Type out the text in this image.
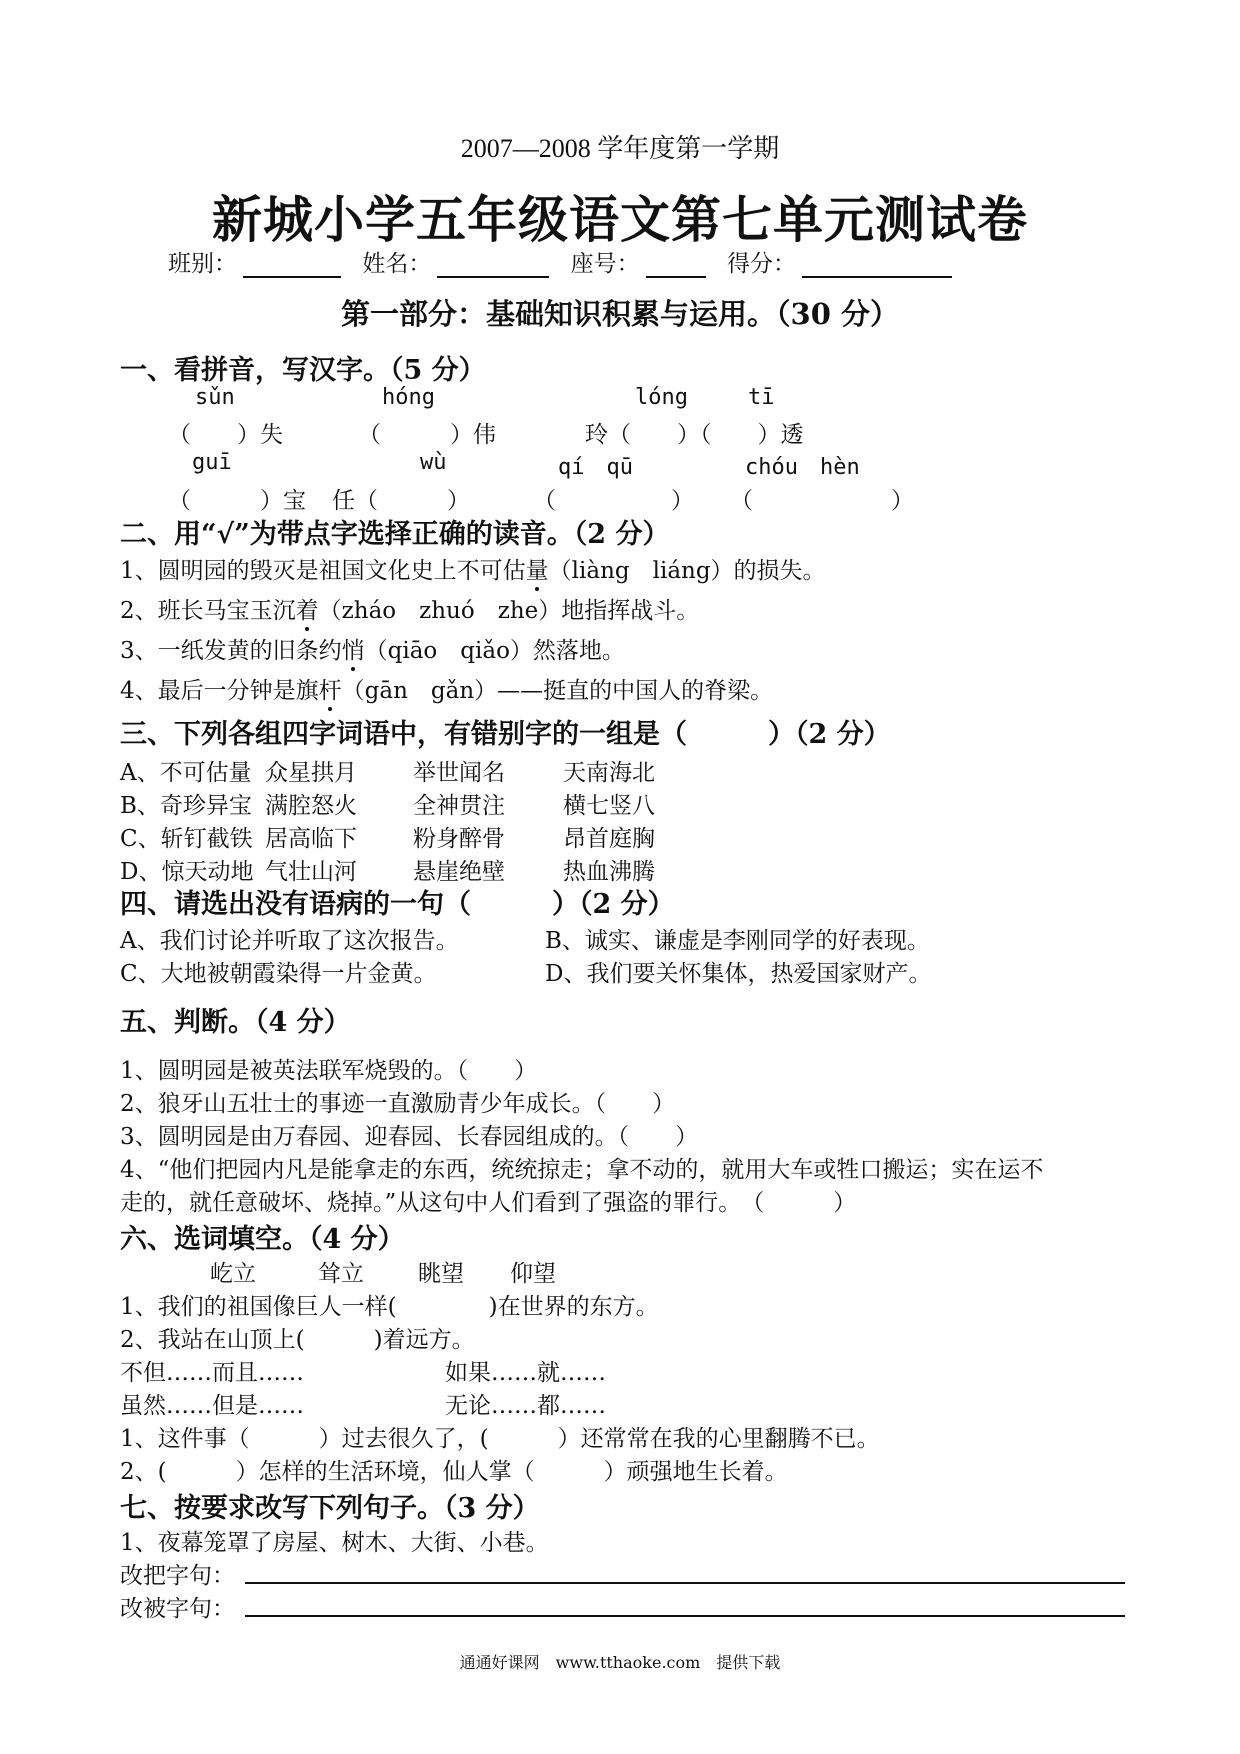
2007—2008 学年度第一学期
新城小学五年级语文第七单元测试卷
班别：	姓名：	座号：	得分：
第一部分：基础知识积累与运用。（30 分）
一、看拼音，写汉字。（5 分）
sǔn	hóng	lóng	tī
（　　）失	（　　　）伟	玲（　　）（　　）透
guī	wù	qí　qū	chóu　hèn
（　　　）宝 任（　　　）	（　　　　　） （　　　　　　）
二、用“√”为带点字选择正确的读音。（2 分）
1、圆明园的毁灭是祖国文化史上不可估量（liàng　liáng）的损失。
2、班长马宝玉沉着（zháo　zhuó　zhe）地指挥战斗。
3、一纸发黄的旧条约悄（qiāo　qiǎo）然落地。
4、最后一分钟是旗杆（gān　gǎn）——挺直的中国人的脊梁。
三、下列各组四字词语中，有错别字的一组是（　　　）（2 分）
A、不可估量 众星拱月 举世闻名	天南海北
B、奇珍异宝 满腔怒火 全神贯注	横七竖八
C、斩钉截铁 居高临下 粉身醉骨	昂首庭胸
D、惊天动地 气壮山河 悬崖绝壁	热血沸腾
四、请选出没有语病的一句（　　　）（2 分）
A、我们讨论并听取了这次报告。	B、诚实、谦虚是李刚同学的好表现。
C、大地被朝霞染得一片金黄。	D、我们要关怀集体，热爱国家财产。
五、判断。（4 分）
1、圆明园是被英法联军烧毁的。（　　）
2、狼牙山五壮士的事迹一直激励青少年成长。（　　）
3、圆明园是由万春园、迎春园、长春园组成的。（　　）
4、“他们把园内凡是能拿走的东西，统统掠走；拿不动的，就用大车或牲口搬运；实在运不
走的，就任意破坏、烧掉。”从这句中人们看到了强盗的罪行。　（　　　）
六、选词填空。（4 分）
屹立	耸立 眺望 仰望
1、我们的祖国像巨人一样(　　　　)在世界的东方。
2、我站在山顶上(　　　)着远方。
不但……而且……	如果……就……
虽然……但是……	无论……都……
1、这件事（　　　）过去很久了，(　　　）还常常在我的心里翻腾不已。
2、(　　　）怎样的生活环境，仙人掌（　　　）顽强地生长着。
七、按要求改写下列句子。（3 分）
1、夜幕笼罩了房屋、树木、大街、小巷。
改把字句：
改被字句：
通通好课网　www.tthaoke.com　提供下载
